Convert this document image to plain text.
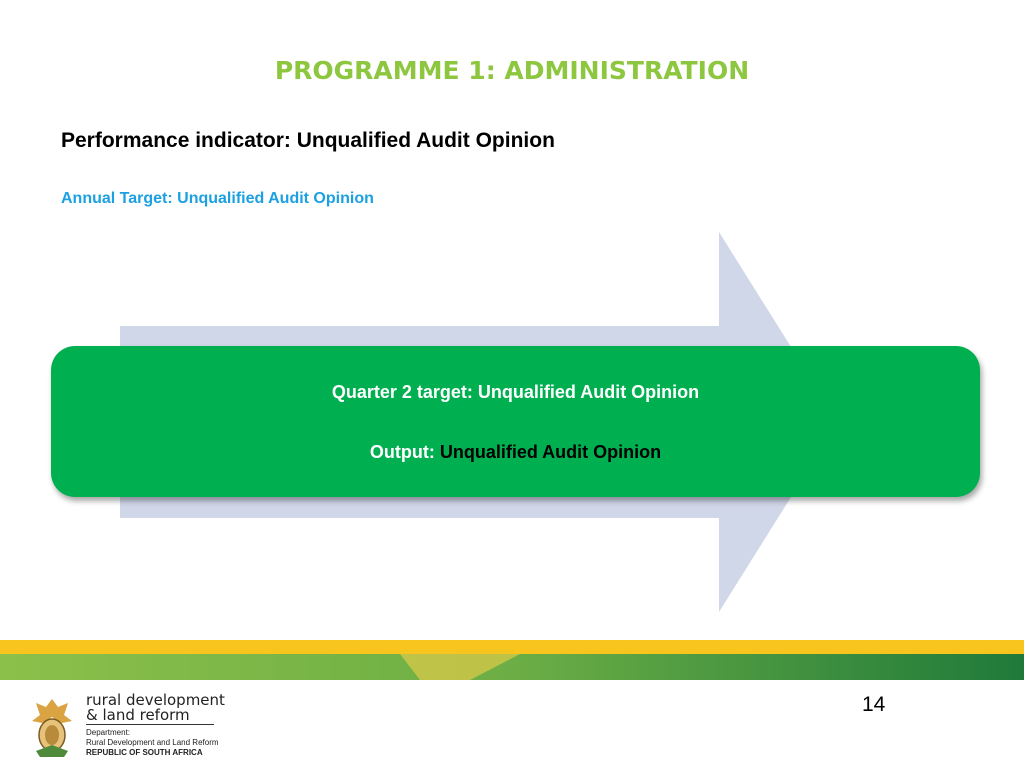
PROGRAMME 1: ADMINISTRATION
Performance indicator: Unqualified Audit Opinion
Annual Target: Unqualified Audit Opinion
Quarter 2 target: Unqualified Audit Opinion
Output: Unqualified Audit Opinion
14
rural development
& land reform
Department:
Rural Development and Land Reform
REPUBLIC OF SOUTH AFRICA
